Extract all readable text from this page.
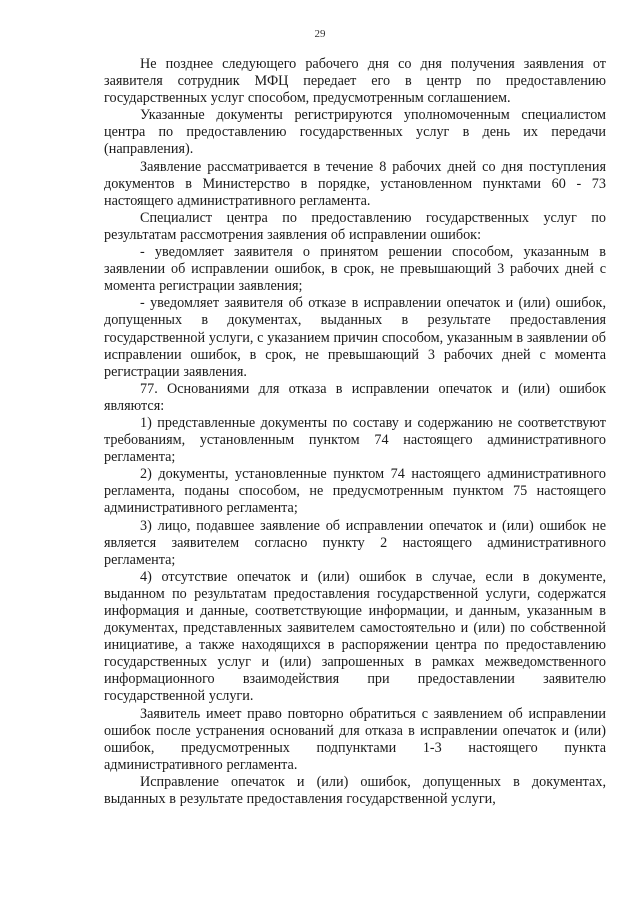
29

Не позднее следующего рабочего дня со дня получения заявления от заявителя сотрудник МФЦ передает его в центр по предоставлению государственных услуг способом, предусмотренным соглашением.

Указанные документы регистрируются уполномоченным специалистом центра по предоставлению государственных услуг в день их передачи (направления).

Заявление рассматривается в течение 8 рабочих дней со дня поступления документов в Министерство в порядке, установленном пунктами 60 - 73 настоящего административного регламента.

Специалист центра по предоставлению государственных услуг по результатам рассмотрения заявления об исправлении ошибок:

- уведомляет заявителя о принятом решении способом, указанным в заявлении об исправлении ошибок, в срок, не превышающий 3 рабочих дней с момента регистрации заявления;

- уведомляет заявителя об отказе в исправлении опечаток и (или) ошибок, допущенных в документах, выданных в результате предоставления государственной услуги, с указанием причин способом, указанным в заявлении об исправлении ошибок, в срок, не превышающий 3 рабочих дней с момента регистрации заявления.

77. Основаниями для отказа в исправлении опечаток и (или) ошибок являются:

1) представленные документы по составу и содержанию не соответствуют требованиям, установленным пунктом 74 настоящего административного регламента;

2) документы, установленные пунктом 74 настоящего административного регламента, поданы способом, не предусмотренным пунктом 75 настоящего административного регламента;

3) лицо, подавшее заявление об исправлении опечаток и (или) ошибок не является заявителем согласно пункту 2 настоящего административного регламента;

4) отсутствие опечаток и (или) ошибок в случае, если в документе, выданном по результатам предоставления государственной услуги, содержатся информация и данные, соответствующие информации, и данным, указанным в документах, представленных заявителем самостоятельно и (или) по собственной инициативе, а также находящихся в распоряжении центра по предоставлению государственных услуг и (или) запрошенных в рамках межведомственного информационного взаимодействия при предоставлении заявителю государственной услуги.

Заявитель имеет право повторно обратиться с заявлением об исправлении ошибок после устранения оснований для отказа в исправлении опечаток и (или) ошибок, предусмотренных подпунктами 1-3 настоящего пункта административного регламента.

Исправление опечаток и (или) ошибок, допущенных в документах, выданных в результате предоставления государственной услуги,
